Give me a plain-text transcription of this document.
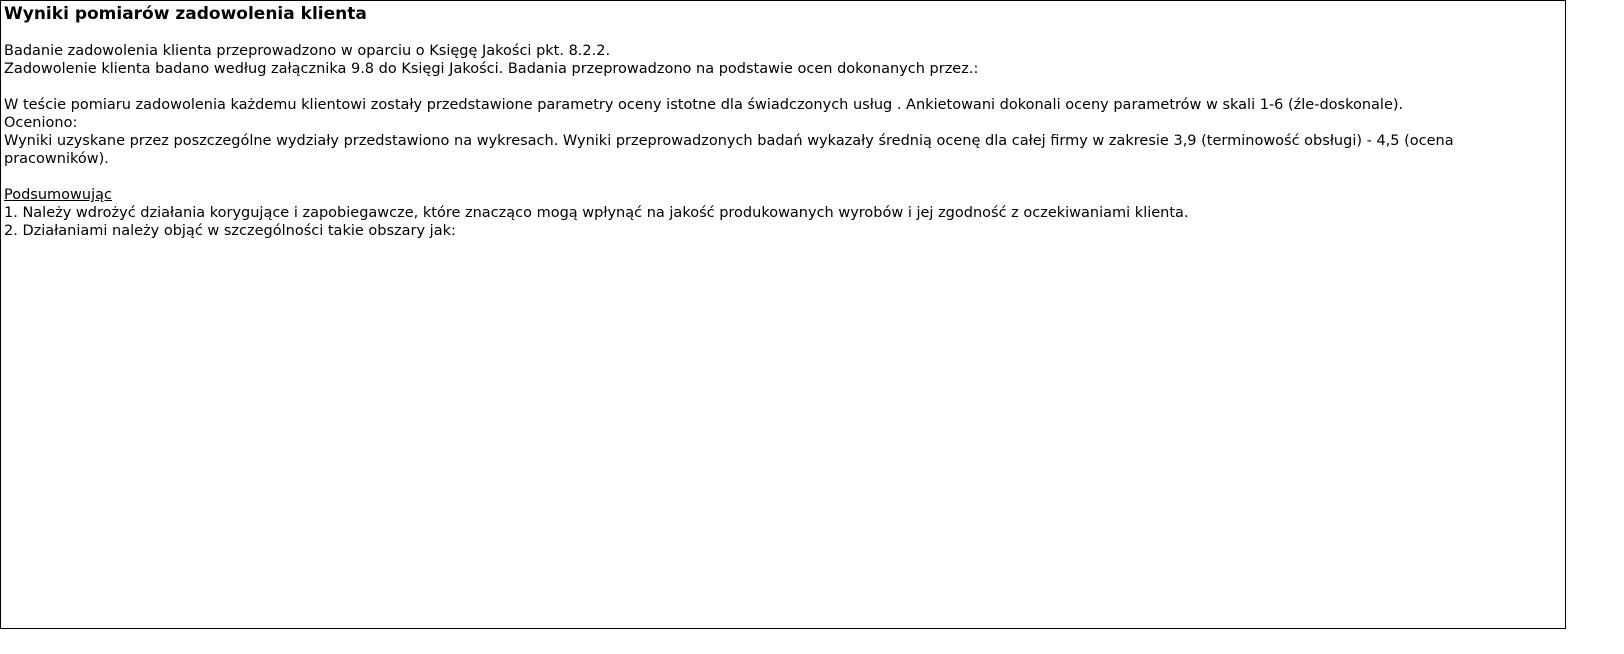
Wyniki pomiarów zadowolenia klienta

Badanie zadowolenia klienta przeprowadzono w oparciu o Księgę Jakości pkt. 8.2.2.

Zadowolenie klienta badano według załącznika 9.8 do Księgi Jakości. Badania przeprowadzono na podstawie ocen dokonanych przez.:

W teście pomiaru zadowolenia każdemu klientowi zostały przedstawione parametry oceny istotne dla świadczonych usług . Ankietowani dokonali oceny parametrów w skali 1-6 (źle-doskonale).

Oceniono:

Wyniki uzyskane przez poszczególne wydziały przedstawiono na wykresach. Wyniki przeprowadzonych badań wykazały średnią ocenę dla całej firmy w zakresie 3,9 (terminowość obsługi) - 4,5 (ocena

pracowników).

Podsumowując

1. Należy wdrożyć działania korygujące i zapobiegawcze, które znacząco mogą wpłynąć na jakość produkowanych wyrobów i jej zgodność z oczekiwaniami klienta.

2. Działaniami należy objąć w szczególności takie obszary jak:
